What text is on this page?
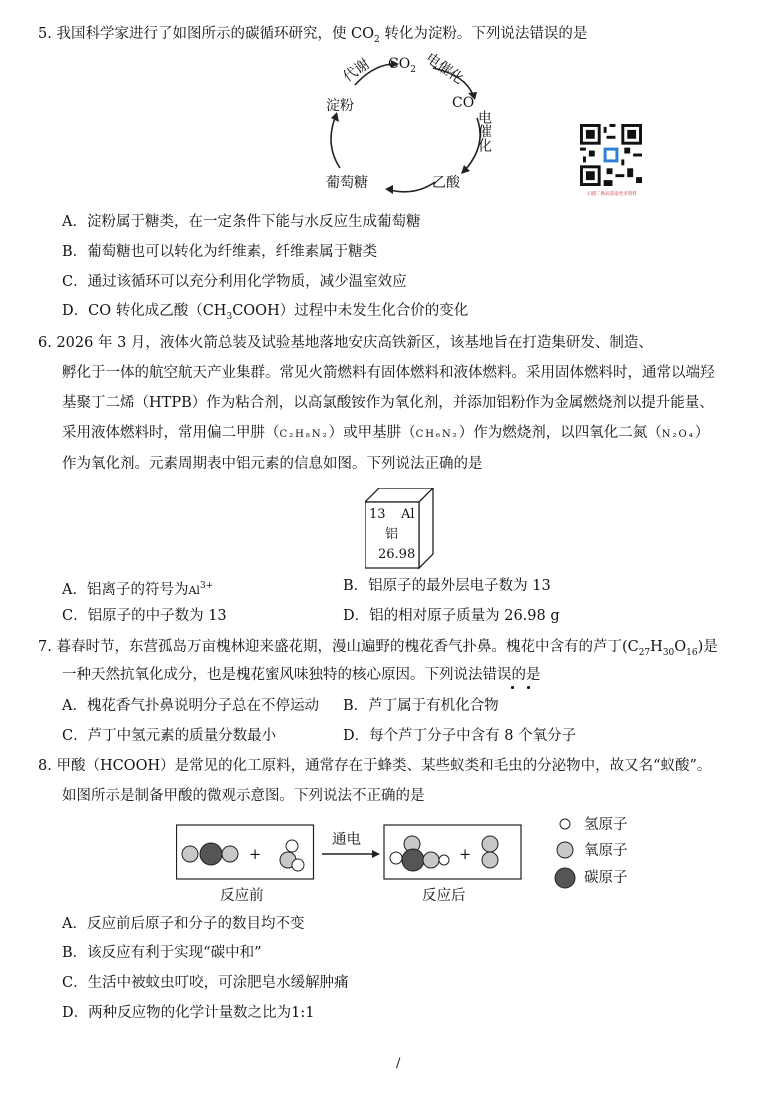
5. 我国科学家进行了如图所示的碳循环研究，使 $CO_2$ 转化为淀粉。下列说法错误的是
$CO_2$
CO
乙酸
葡萄糖
淀粉
代谢	电催化
电催化
扫描二维码获取更多资料
A．淀粉属于糖类，在一定条件下能与水反应生成葡萄糖
B．葡萄糖也可以转化为纤维素，纤维素属于糖类
C．通过该循环可以充分利用化学物质，减少温室效应
D．CO 转化成乙酸$(CH_3COOH)$过程中未发生化合价的变化
6. 2026 年 3 月，液体火箭总装及试验基地落地安庆高铁新区，该基地旨在打造集研发、制造、
孵化于一体的航空航天产业集群。常见火箭燃料有固体燃料和液体燃料。采用固体燃料时，通常以端羟
基聚丁二烯（HTPB）作为粘合剂，以高氯酸铵作为氧化剂，并添加铝粉作为金属燃烧剂以提升能量、
采用液体燃料时，常用偏二甲肼（C₂H₈N₂）或甲基肼（CH₆N₂）作为燃烧剂，以四氧化二氮（N₂O₄）
作为氧化剂。元素周期表中铝元素的信息如图。下列说法正确的是
13 Al
铝
26.98
A．铝离子的符号为$Al^{3+}$	B．铝原子的最外层电子数为 13
C．铝原子的中子数为 13	D．铝的相对原子质量为 26.98 g
7. 暮春时节，东营孤岛万亩槐林迎来盛花期，漫山遍野的槐花香气扑鼻。槐花中含有的芦丁$(C_{27}H_{30}O_{16})$是
一种天然抗氧化成分，也是槐花蜜风味独特的核心原因。下列说法错误的是
A．槐花香气扑鼻说明分子总在不停运动 B．芦丁属于有机化合物
C．芦丁中氢元素的质量分数最小	D．每个芦丁分子中含有 8 个氧分子
8. 甲酸（HCOOH）是常见的化工原料，通常存在于蜂类、某些蚁类和毛虫的分泌物中，故又名“蚁酸”。
如图所示是制备甲酸的微观示意图。下列说法不正确的是
+	+
通电
反应前	反应后
氢原子
氧原子
碳原子
A．反应前后原子和分子的数目均不变
B．该反应有利于实现“碳中和”
C．生活中被蚊虫叮咬，可涂肥皂水缓解肿痛
D．两种反应物的化学计量数之比为1:1
/
